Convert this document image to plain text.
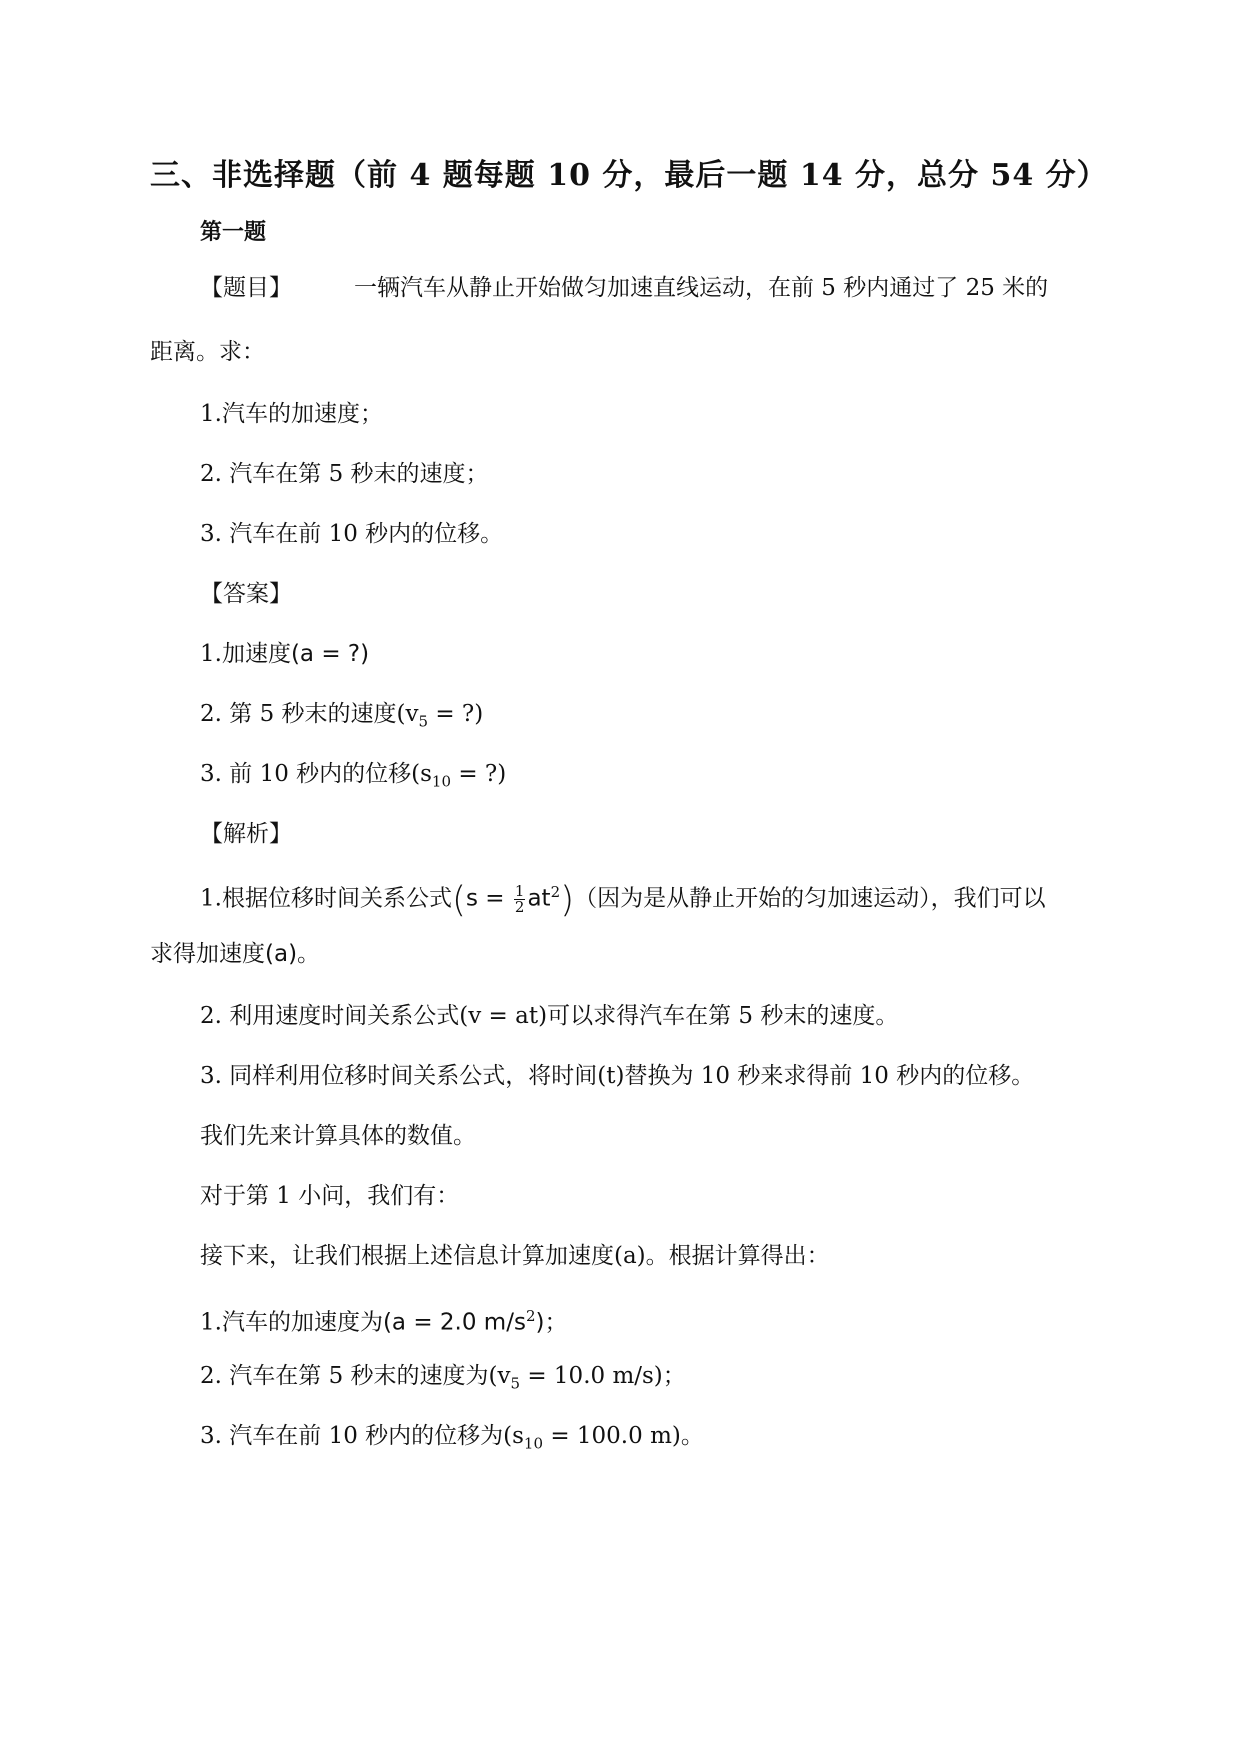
三、非选择题（前 4 题每题 10 分，最后一题 14 分，总分 54 分）
第一题
【题目】	一辆汽车从静止开始做匀加速直线运动，在前 5 秒内通过了 25 米的
距离。求：
1.汽车的加速度；
2. 汽车在第 5 秒末的速度；
3. 汽车在前 10 秒内的位移。
【答案】
1.加速度(a = ?)
2. 第 5 秒末的速度($v_5$ = ?)
3. 前 10 秒内的位移($s_{10}$ = ?)
【解析】
1.根据位移时间关系公式$(s = \frac{1}{2} at^2)$（因为是从静止开始的匀加速运动），我们可以
求得加速度(a)。
2. 利用速度时间关系公式(v = at)可以求得汽车在第 5 秒末的速度。
3. 同样利用位移时间关系公式，将时间(t)替换为 10 秒来求得前 10 秒内的位移。
我们先来计算具体的数值。
对于第 1 小问，我们有：
接下来，让我们根据上述信息计算加速度(a)。根据计算得出：
1.汽车的加速度为(a = 2.0 $m/s^2$)；
2. 汽车在第 5 秒末的速度为($v_5 = 10.0$ m/s)；
3. 汽车在前 10 秒内的位移为($s_{10} = 100.0$ m)。
